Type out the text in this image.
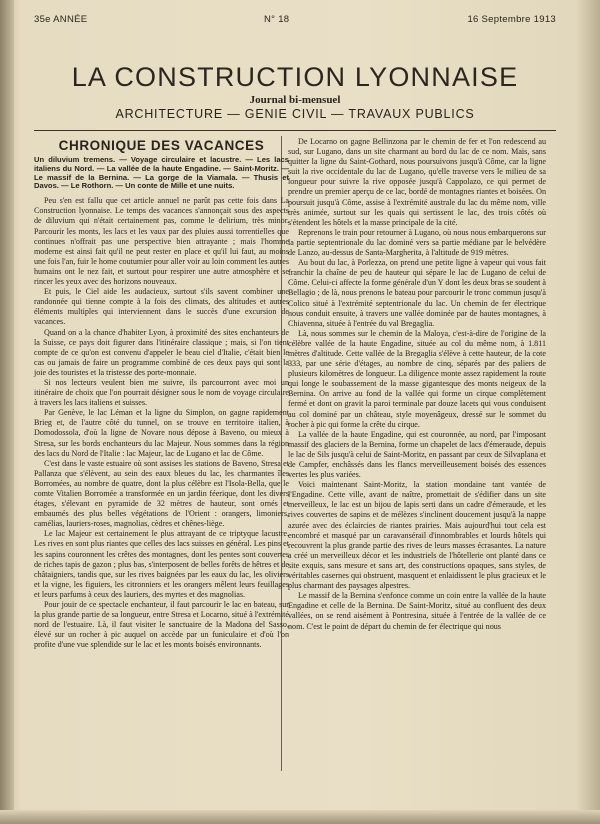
35e ANNÉE	N° 18	16 Septembre 1913
LA CONSTRUCTION LYONNAISE
Journal bi-mensuel
ARCHITECTURE — GENIE CIVIL — TRAVAUX PUBLICS
CHRONIQUE DES VACANCES
Un diluvium tremens. — Voyage circulaire et lacustre. — Les lacs italiens du Nord. — La vallée de la haute Engadine. — Saint-Moritz. — Le massif de la Bernina. — La gorge de la Viamala. — Thusis et Davos. — Le Rothorn. — Un conte de Mille et une nuits.

Peu s'en est fallu que cet article annuel ne parût pas cette fois dans La Construction lyonnaise. Le temps des vacances s'annonçait sous des aspects de diluvium qui n'était certainement pas, comme le delirium, très minor. Parcourir les monts, les lacs et les vaux par des pluies aussi torrentielles que continues n'offrait pas une perspective bien attrayante ; mais l'homme moderne est ainsi fait qu'il ne peut rester en place et qu'il lui faut, au moins une fois l'an, fuir le home coutumier pour aller voir au loin comment les autres humains ont le nez fait, et surtout pour respirer une autre atmosphère et se rincer les yeux avec des horizons nouveaux.

Et puis, le Ciel aide les audacieux, surtout s'ils savent combiner une randonnée qui tienne compte à la fois des climats, des altitudes et autres éléments multiples qui interviennent dans le succès d'une excursion de vacances.

Quand on a la chance d'habiter Lyon, à proximité des sites enchanteurs de la Suisse, ce pays doit figurer dans l'itinéraire classique ; mais, si l'on tient compte de ce qu'on est convenu d'appeler le beau ciel d'Italie, c'était bien le cas ou jamais de faire un programme combiné de ces deux pays qui sont la joie des touristes et la tristesse des porte-monnaie.

Si nos lecteurs veulent bien me suivre, ils parcourront avec moi un itinéraire de choix que l'on pourrait désigner sous le nom de voyage circulaire à travers les lacs italiens et suisses.

Par Genève, le lac Léman et la ligne du Simplon, on gagne rapidement Brieg et, de l'autre côté du tunnel, on se trouve en territoire italien, à Domodossola, d'où la ligne de Novare nous dépose à Baveno, ou mieux à Stresa, sur les bords enchanteurs du lac Majeur. Nous sommes dans la région des lacs du Nord de l'Italie : lac Majeur, lac de Lugano et lac de Côme.

C'est dans le vaste estuaire où sont assises les stations de Baveno, Stresa et Pallanza que s'élèvent, au sein des eaux bleues du lac, les charmantes îles Borromées, au nombre de quatre, dont la plus célèbre est l'Isola-Bella, que le comte Vitalien Borromée a transformée en un jardin féerique, dont les divers étages, s'élevant en pyramide de 32 mètres de hauteur, sont ornés et embaumés des plus belles végétations de l'Orient : orangers, limoniers, camélias, lauriers-roses, magnolias, cèdres et chênes-liège.

Le lac Majeur est certainement le plus attrayant de ce triptyque lacustre. Les rives en sont plus riantes que celles des lacs suisses en général. Les pins et les sapins couronnent les crêtes des montagnes, dont les pentes sont couvertes de riches tapis de gazon ; plus bas, s'interposent de belles forêts de hêtres et de châtaigniers, tandis que, sur les rives baignées par les eaux du lac, les oliviers et la vigne, les figuiers, les citronniers et les orangers mêlent leurs feuillages et leurs parfums à ceux des lauriers, des myrtes et des magnolias.

Pour jouir de ce spectacle enchanteur, il faut parcourir le lac en bateau, sur la plus grande partie de sa longueur, entre Stresa et Locarno, situé à l'extrémité nord de l'estuaire. Là, il faut visiter le sanctuaire de la Madona del Sasso, élevé sur un rocher à pic auquel on accède par un funiculaire et d'où l'on profite d'une vue splendide sur le lac et les monts boisés environnants.

De Locarno on gagne Bellinzona par le chemin de fer et l'on redescend au sud, sur Lugano, dans un site charmant au bord du lac de ce nom. Mais, sans quitter la ligne du Saint-Gothard, nous poursuivons jusqu'à Côme, car la ligne suit la rive occidentale du lac de Lugano, qu'elle traverse vers le milieu de sa longueur pour suivre la rive opposée jusqu'à Cappolazo, ce qui permet de prendre un premier aperçu de ce lac, bordé de montagnes riantes et boisées. On poursuit jusqu'à Côme, assise à l'extrémité australe du lac du même nom, ville très animée, surtout sur les quais qui sertissent le lac, des trois côtés où s'étendent les hôtels et la masse principale de la cité.

Reprenons le train pour retourner à Lugano, où nous nous embarquerons sur la partie septentrionale du lac dominé vers sa partie médiane par le belvédère de Lanzo, au-dessus de Santa-Margherita, à l'altitude de 919 mètres.

Au bout du lac, à Porlezza, on prend une petite ligne à vapeur qui vous fait franchir la chaîne de peu de hauteur qui sépare le lac de Lugano de celui de Côme. Celui-ci affecte la forme générale d'un Y dont les deux bras se soudent à Bellagio ; de là, nous prenons le bateau pour parcourir le tronc commun jusqu'à Colico situé à l'extrémité septentrionale du lac. Un chemin de fer électrique nous conduit ensuite, à travers une vallée dominée par de hautes montagnes, à Chiavenna, située à l'entrée du val Bregaglia.

Là, nous sommes sur le chemin de la Maloya, c'est-à-dire de l'origine de la célèbre vallée de la haute Engadine, située au col du même nom, à 1.811 mètres d'altitude. Cette vallée de la Bregaglia s'élève à cette hauteur, de la cote 333, par une série d'étages, au nombre de cinq, séparés par des paliers de plusieurs kilomètres de longueur. La diligence monte assez rapidement la route qui longe le soubassement de la masse gigantesque des monts neigeux de la Bernina. On arrive au fond de la vallée qui forme un cirque complètement fermé et dont on gravit la paroi terminale par douze lacets qui vous conduisent au col dominé par un château, style moyenâgeux, dressé sur le sommet du rocher à pic qui forme la crête du cirque.

La vallée de la haute Engadine, qui est couronnée, au nord, par l'imposant massif des glaciers de la Bernina, forme un chapelet de lacs d'émeraude, depuis le lac de Sils jusqu'à celui de Saint-Moritz, en passant par ceux de Silvaplana et de Campfer, enchâssés dans les flancs merveilleusement boisés des essences vertes les plus variées.

Voici maintenant Saint-Moritz, la station mondaine tant vantée de l'Engadine. Cette ville, avant de naître, promettait de s'édifier dans un site merveilleux, le lac est un bijou de lapis serti dans un cadre d'émeraude, et les rives couvertes de sapins et de mélèzes s'inclinent doucement jusqu'à la nappe azurée avec des éclaircies de riantes prairies. Mais aujourd'hui tout cela est encombré et masqué par un caravansérail d'innombrables et lourds hôtels qui recouvrent la plus grande partie des rives de leurs masses écrasantes. La nature a créé un merveilleux décor et les industriels de l'hôtellerie ont planté dans ce site exquis, sans mesure et sans art, des constructions opaques, sans styles, de véritables casernes qui obstruent, masquent et enlaidissent le plus gracieux et le plus charmant des paysages alpestres.

Le massif de la Bernina s'enfonce comme un coin entre la vallée de la haute Engadine et celle de la Bernina. De Saint-Moritz, situé au confluent des deux vallées, on se rend aisément à Pontresina, située à l'entrée de la vallée de ce nom. C'est le point de départ du chemin de fer électrique qui nous
